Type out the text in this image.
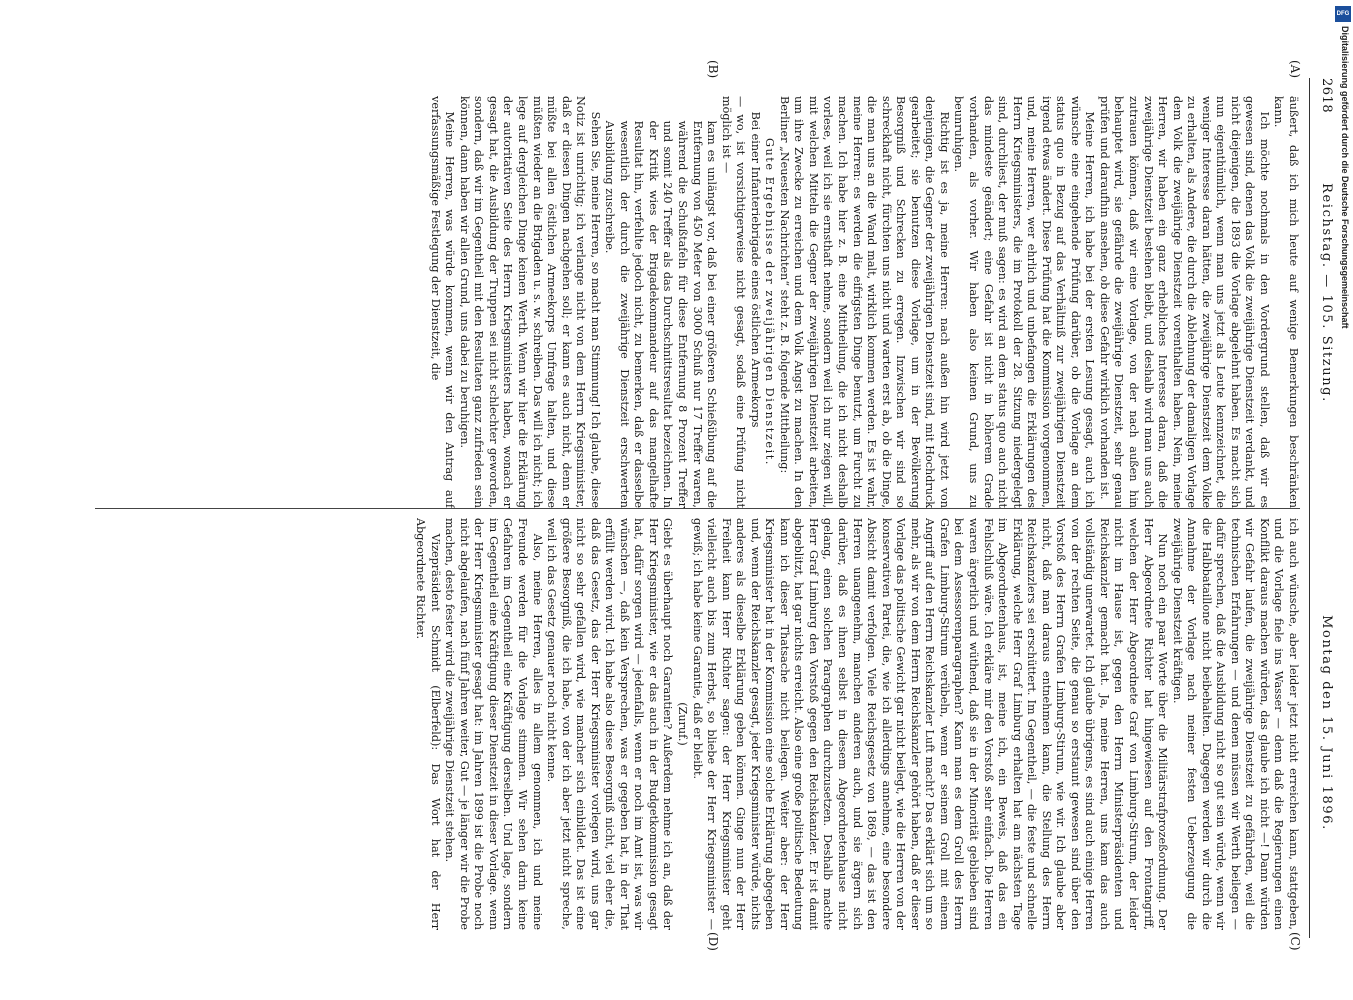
2618
Reichstag. — 105. Sitzung.
Montag den 15. Juni 1896.
(A)
(B)
(C)
(D)

äußert, daß ich mich heute auf wenige Bemerkungen beschränken kann.

Ich möchte nochmals in den Vordergrund stellen, daß wir es gewesen sind, denen das Volk die zweijährige Dienstzeit verdankt, und nicht diejenigen, die 1893 die Vorlage abgelehnt haben. Es macht sich nun eigenthümlich, wenn man uns jetzt als Leute kennzeichnet, die weniger Interesse daran hätten, die zweijährige Dienstzeit dem Volke zu erhalten, als Andere, die durch die Ablehnung der damaligen Vorlage dem Volk die zweijährige Dienstzeit vorenthalten haben. Nein, meine Herren, wir haben ein ganz erhebliches Interesse daran, daß die zweijährige Dienstzeit bestehen bleibt, und deshalb wird man uns auch zutrauen können, daß wir eine Vorlage, von der nach außen hin behauptet wird, sie gefährde die zweijährige Dienstzeit, sehr genau prüfen und daraufhin ansehen, ob diese Gefahr wirklich vorhanden ist.

Meine Herren, ich habe bei der ersten Lesung gesagt, auch ich wünsche eine eingehende Prüfung darüber, ob die Vorlage an dem status quo in Bezug auf das Verhältniß zur zweijährigen Dienstzeit irgend etwas ändert. Diese Prüfung hat die Kommission vorgenommen, und, meine Herren, wer ehrlich und unbefangen die Erklärungen des Herrn Kriegsministers, die im Protokoll der 28. Sitzung niedergelegt sind, durchliest, der muß sagen: es wird an dem status quo auch nicht das mindeste geändert; eine Gefahr ist nicht in höherem Grade vorhanden, als vorher. Wir haben also keinen Grund, uns zu beunruhigen.

Richtig ist es ja, meine Herren: nach außen hin wird jetzt von denjenigen, die Gegner der zweijährigen Dienstzeit sind, mit Hochdruck gearbeitet; sie benutzen diese Vorlage, um in der Bevölkerung Besorgniß und Schrecken zu erregen. Inzwischen wir sind so schreckhaft nicht, fürchten uns nicht und warten erst ab, ob die Dinge, die man uns an die Wand malt, wirklich kommen werden. Es ist wahr, meine Herren: es werden die eifrigsten Dinge benutzt, um Furcht zu machen. Ich habe hier z. B. eine Mittheilung, die ich nicht deshalb vorlese, weil ich sie ernsthaft nehme, sondern weil ich nur zeigen will, mit welchen Mitteln die Gegner der zweijährigen Dienstzeit arbeiten, um ihre Zwecke zu erreichen und dem Volk Angst zu machen. In den Berliner „Neuesten Nachrichten“ steht z. B. folgende Mittheilung:

Gute Ergebnisse der zweijährigen Dienstzeit.

Bei einer Infanteriebrigade eines östlichen Armeekorps

— wo, ist vorsichtigerweise nicht gesagt, sodaß eine Prüfung nicht möglich ist —

kam es unlängst vor, daß bei einer größeren Schießübung auf die Entfernung von 450 Meter von 3000 Schuß nur 17 Treffer waren, während die Schußtafeln für diese Entfernung 8 Prozent Treffer und somit 240 Treffer als das Durchschnittsresultat bezeichnen. In der Kritik wies der Brigadekommandeur auf das mangelhafte Resultat hin, verfehlte jedoch nicht, zu bemerken, daß er dasselbe wesentlich der durch die zweijährige Dienstzeit erschwerten Ausbildung zuschreibe.

Sehen Sie, meine Herren, so macht man Stimmung! Ich glaube, diese Notiz ist unrichtig; ich verlange nicht von dem Herrn Kriegsminister, daß er diesen Dingen nachgehen soll; er kann es auch nicht, denn er müßte bei allen östlichen Armeekorps Umfrage halten, und diese müßten wieder an die Brigaden u. s. w. schreiben. Das will ich nicht; ich lege auf dergleichen Dinge keinen Werth. Wenn wir hier die Erklärung der autoritativen Seite des Herrn Kriegsministers haben, wonach er gesagt hat, die Ausbildung der Truppen sei nicht schlechter geworden, sondern, daß wir im Gegentheil mit den Resultaten ganz zufrieden sein können, dann haben wir allen Grund, uns dabei zu beruhigen.

Meine Herren, was würde kommen, wenn wir den Antrag auf verfassungsmäßige Festlegung der Dienstzeit, die

ich auch wünsche, aber leider jetzt nicht erreichen kann, stattgeben, und die Vorlage fiele ins Wasser — denn daß die Regierungen einen Konflikt daraus machen würden, das glaube ich nicht —! Dann würden wir Gefahr laufen, die zweijährige Dienstzeit zu gefährden, weil die technischen Erfahrungen — und denen müssen wir Werth beilegen — dafür sprechen, daß die Ausbildung nicht so gut sein würde, wenn wir die Halbbataillone nicht beibehalten. Dagegen werden wir durch die Annahme der Vorlage nach meiner festen Ueberzeugung die zweijährige Dienstzeit kräftigen.

Nun noch ein paar Worte über die Militärstrafprozeßordnung. Der Herr Abgeordnete Richter hat hingewiesen auf den Frontangriff, welchen der Herr Abgeordnete Graf von Limburg-Stirum, der leider nicht im Hause ist, gegen den Herrn Ministerpräsidenten und Reichskanzler gemacht hat. Ja, meine Herren, uns kam das auch vollständig unerwartet. Ich glaube übrigens, es sind auch einige Herren von der rechten Seite, die genau so erstaunt gewesen sind über den Vorstoß des Herrn Grafen Limburg-Stirum, wie wir. Ich glaube aber nicht, daß man daraus entnehmen kann, die Stellung des Herrn Reichskanzlers sei erschüttert. Im Gegentheil, — die feste und schnelle Erklärung, welche Herr Graf Limburg erhalten hat am nächsten Tage im Abgeordnetenhaus, ist, meine ich, ein Beweis, daß das ein Fehlschluß wäre. Ich erkläre mir den Vorstoß sehr einfach. Die Herren waren ärgerlich und wüthend, daß sie in der Minorität geblieben sind bei dem Assessorenparagraphen? Kann man es dem Groll des Herrn Grafen Limburg-Stirum verübeln, wenn er seinem Groll mit einem Angriff auf den Herrn Reichskanzler Luft macht? Das erklärt sich um so mehr, als wir von dem Herrn Reichskanzler gehört haben, daß er dieser Vorlage das politische Gewicht gar nicht beilegt, wie die Herren von der konservativen Partei, die, wie ich allerdings annehme, eine besondere Absicht damit verfolgen. Viele Reichsgesetz von 1869, — das ist den Herren unangenehm, manchen anderen auch, und sie ärgern sich darüber, daß es ihnen selbst in diesem Abgeordnetenhause nicht gelang, einen solchen Paragraphen durchzusetzen. Deshalb machte Herr Graf Limburg den Vorstoß gegen den Reichskanzler. Er ist damit abgeblitzt, hat gar nichts erreicht. Also eine große politische Bedeutung kann ich dieser Thatsache nicht beilegen. Weiter aber: der Herr Kriegsminister hat in der Kommission eine solche Erklärung abgegeben und, wenn der Reichskanzler gesagt, jeder Kriegsminister würde, nichts anderes als dieselbe Erklärung geben können. Ginge nun der Herr Freiheit kann Herr Richter sagen: der Herr Kriegsminister geht vielleicht auch bis zum Herbst, so bliebe der Herr Kriegsminister — gewiß; ich habe keine Garantie, daß er bleibt.

(Zuruf.)

Giebt es überhaupt noch Garantien? Außerdem nehme ich an, daß der Herr Kriegsminister, wie er das auch in der Budgetkommission gesagt hat, dafür sorgen wird — jedenfalls, wenn er noch im Amt ist, was wir wünschen —, daß kein Versprechen, was er gegeben hat, in der That erfüllt werden wird. Ich habe also diese Besorgniß nicht, viel eher die, daß das Gesetz, das der Herr Kriegsminister vorlegen wird, uns gar nicht so sehr gefallen wird, wie mancher sich einbildet. Das ist eine größere Besorgniß, die ich habe, von der ich aber jetzt nicht spreche, weil ich das Gesetz genauer noch nicht kenne.

Also, meine Herren, alles in allem genommen, ich und meine Freunde werden für die Vorlage stimmen. Wir sehen darin keine Gefahren im Gegentheil eine Kräftigung derselben. Und lage, sondern im Gegentheil eine Kräftigung dieser Dienstzeit in dieser Vorlage. wenn der Herr Kriegsminister gesagt hat: im Jahren 1899 ist die Probe noch nicht abgelaufen, nach fünf Jahren weiter, Gut — je länger wir die Probe machen, desto fester wird die zweijährige Dienstzeit stehen.

Vizepräsident Schmidt (Elberfeld): Das Wort hat der Herr Abgeordnete Richter.

DFG
Digitalisierung gefördert durch die Deutsche Forschungsgemeinschaft
